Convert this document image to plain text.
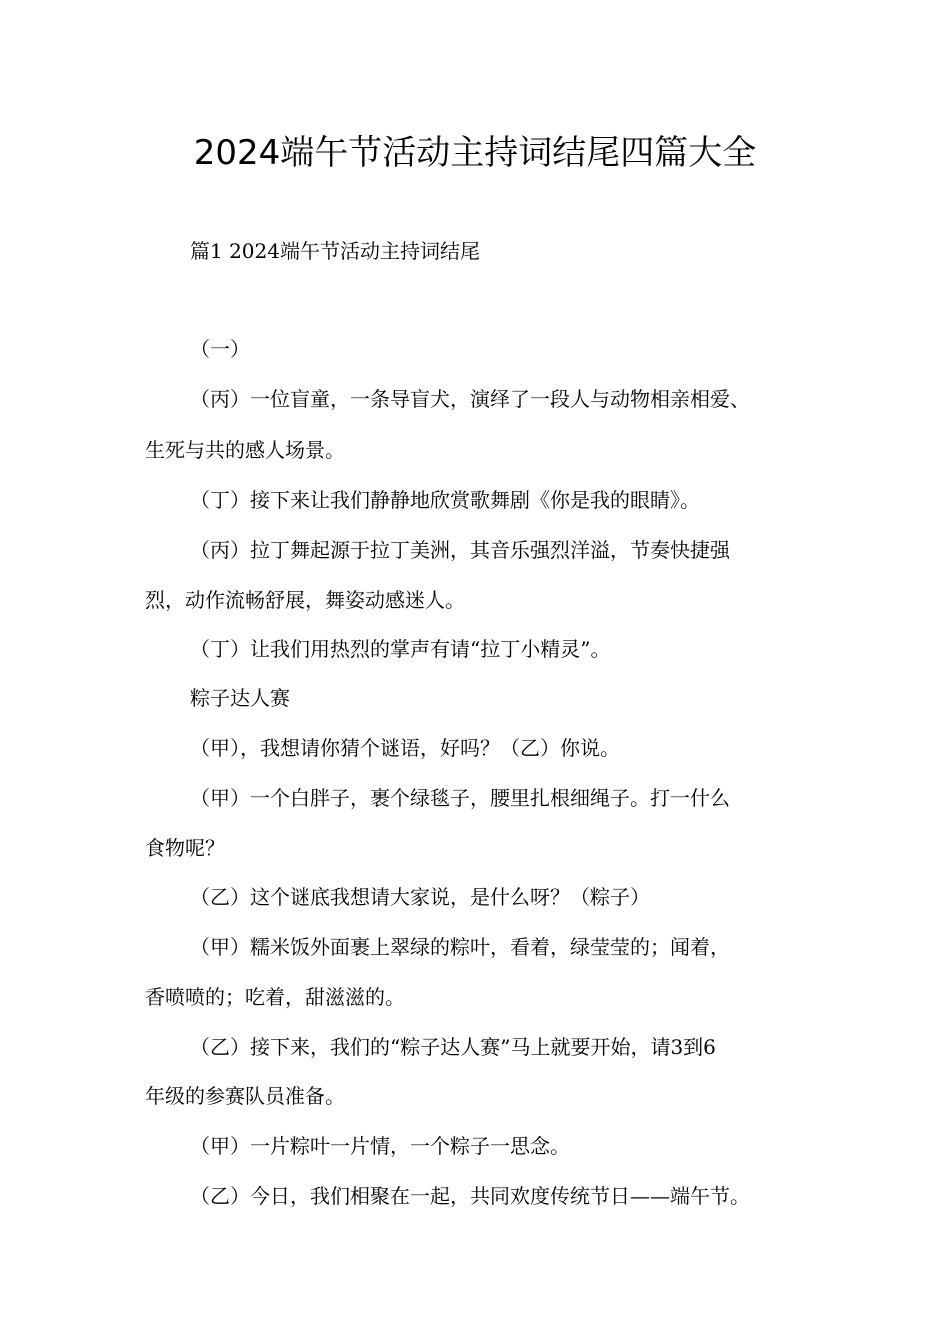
2024端午节活动主持词结尾四篇大全
篇1 2024端午节活动主持词结尾
（一）
（丙）一位盲童，一条导盲犬，演绎了一段人与动物相亲相爱、
生死与共的感人场景。
（丁）接下来让我们静静地欣赏歌舞剧《你是我的眼睛》。
（丙）拉丁舞起源于拉丁美洲，其音乐强烈洋溢，节奏快捷强
烈，动作流畅舒展，舞姿动感迷人。
（丁）让我们用热烈的掌声有请“拉丁小精灵”。
粽子达人赛
（甲），我想请你猜个谜语，好吗？（乙）你说。
（甲）一个白胖子，裹个绿毯子，腰里扎根细绳子。打一什么
食物呢？
（乙）这个谜底我想请大家说，是什么呀？（粽子）
（甲）糯米饭外面裹上翠绿的粽叶，看着，绿莹莹的；闻着，
香喷喷的；吃着，甜滋滋的。
（乙）接下来，我们的“粽子达人赛”马上就要开始，请3到6
年级的参赛队员准备。
（甲）一片粽叶一片情，一个粽子一思念。
（乙）今日，我们相聚在一起，共同欢度传统节日——端午节。
